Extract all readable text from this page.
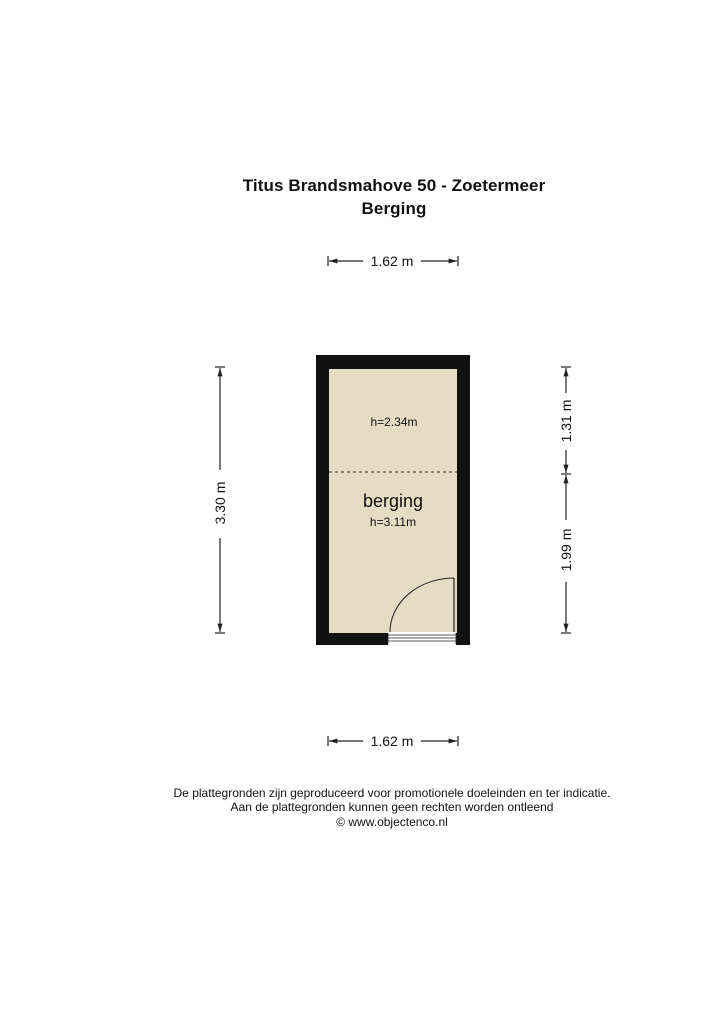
Titus Brandsmahove 50 - Zoetermeer
Berging
1.62 m
1.62 m
3.30 m
1.31 m
1.99 m
h=2.34m
berging
h=3.11m
De plattegronden zijn geproduceerd voor promotionele doeleinden en ter indicatie.
Aan de plattegronden kunnen geen rechten worden ontleend
© www.objectenco.nl
